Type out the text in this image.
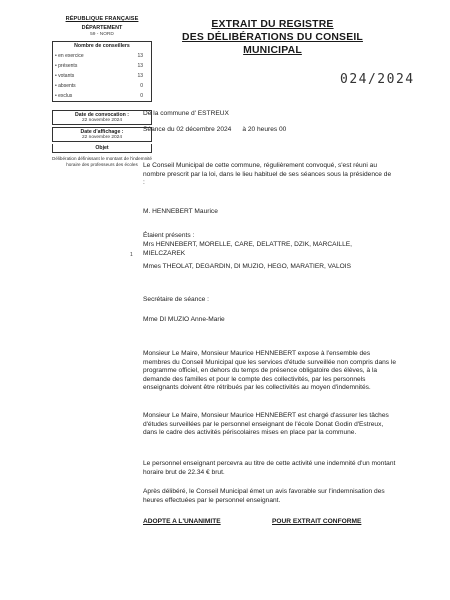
RÉPUBLIQUE FRANÇAISE
DÉPARTEMENT
59 - NORD
Nombre de conseillers
• en exercice	13
• présents	13
• votants	13
• absents	0
• exclus	0
Date de convocation :
22 novembre 2024
Date d'affichage :
22 novembre 2024
Objet
Délibération définissant le montant de l'indemnité horaire des professeurs des écoles
1
EXTRAIT DU REGISTRE
DES DÉLIBÉRATIONS DU CONSEIL
MUNICIPAL
024/2024
De la commune d' ESTREUX
Séance du 02 décembre 2024      à 20 heures 00
Le Conseil Municipal de cette commune, régulièrement convoqué, s'est réuni au nombre prescrit par la loi, dans le lieu habituel de ses séances sous la présidence de :
M. HENNEBERT Maurice
Étaient présents :
Mrs HENNEBERT, MORELLE, CARE, DELATTRE, DZIK, MARCAILLE, MIELCZAREK
Mmes THEOLAT, DEGARDIN, DI MUZIO, HEGO, MARATIER, VALOIS
Secrétaire de séance :
Mme DI MUZIO Anne-Marie
Monsieur Le Maire, Monsieur Maurice HENNEBERT expose à l'ensemble des membres du Conseil Municipal que les services d'étude surveillée non compris dans le programme officiel, en dehors du temps de présence obligatoire des élèves, à la demande des familles et pour le compte des collectivités, par les personnels enseignants doivent être rétribués par les collectivités au moyen d'indemnités.
Monsieur Le Maire, Monsieur Maurice HENNEBERT est chargé d'assurer les tâches d'études surveillées par le personnel enseignant de l'école Donat Godin d'Estreux, dans le cadre des activités périscolaires mises en place par la commune.
Le personnel enseignant percevra au titre de cette activité une indemnité d'un montant horaire brut de 22.34 € brut.
Après délibéré, le Conseil Municipal émet un avis favorable sur l'indemnisation des heures effectuées par le personnel enseignant.
ADOPTE A L'UNANIMITE	POUR EXTRAIT CONFORME
